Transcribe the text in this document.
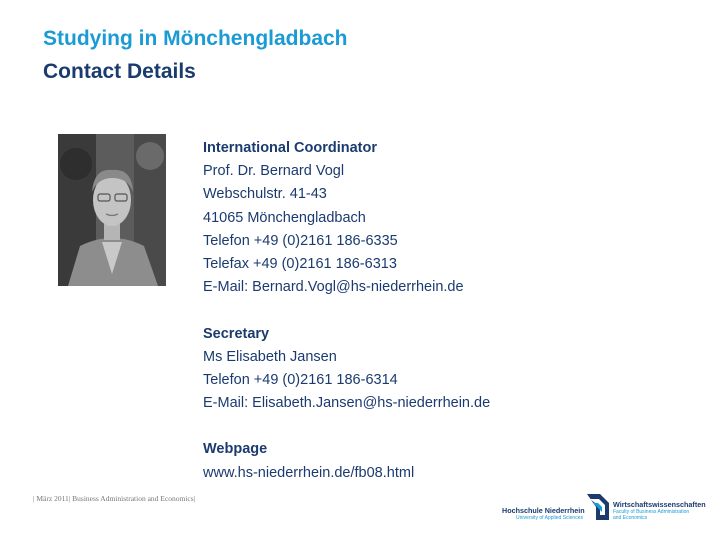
Studying in Mönchengladbach
Contact Details
International Coordinator
Prof. Dr. Bernard Vogl
Webschulstr. 41-43
41065 Mönchengladbach
Telefon +49 (0)2161 186-6335
Telefax +49 (0)2161 186-6313
E-Mail: Bernard.Vogl@hs-niederrhein.de
Secretary
Ms Elisabeth Jansen
Telefon +49 (0)2161 186-6314
E-Mail: Elisabeth.Jansen@hs-niederrhein.de
Webpage
www.hs-niederrhein.de/fb08.html
| März 2011| Business Administration and Economics|
Hochschule Niederrhein
University of Applied Sciences
Wirtschaftswissenschaften
Faculty of Business Administration
and Economics
